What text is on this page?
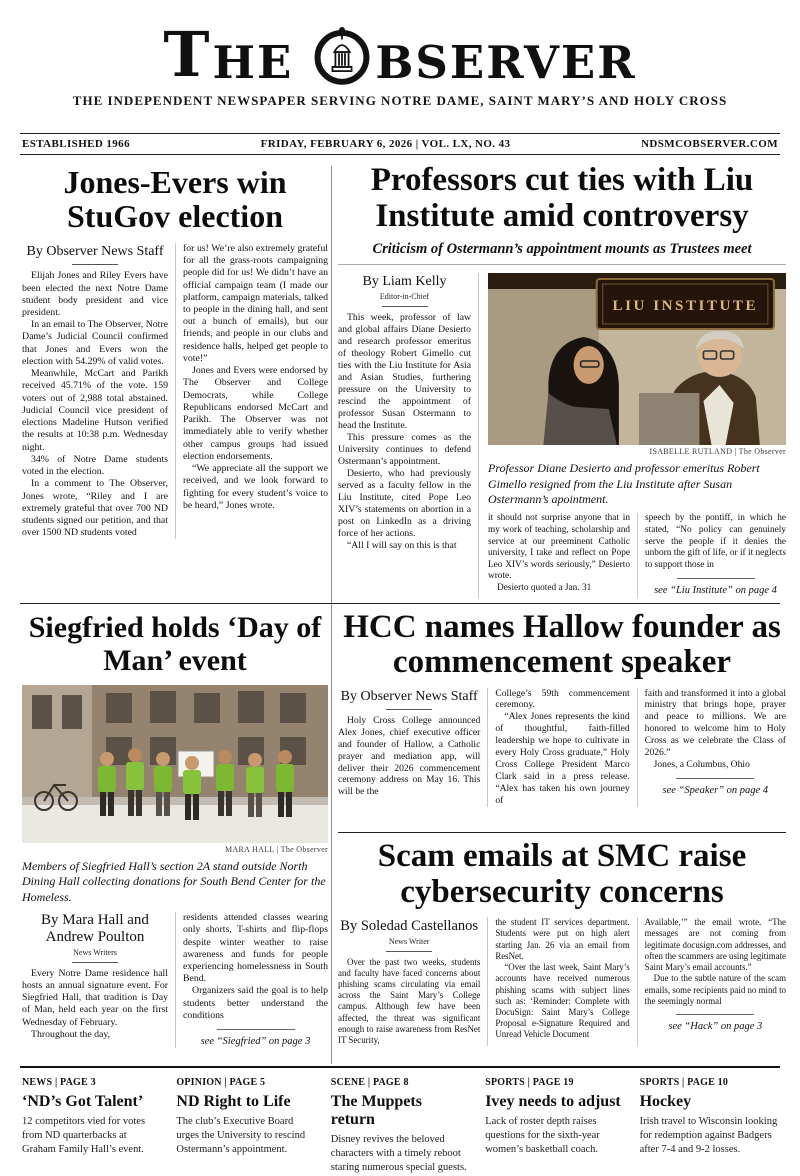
T HE BSERVER
THE INDEPENDENT NEWSPAPER SERVING NOTRE DAME, SAINT MARY’S AND HOLY CROSS
ESTABLISHED 1966	FRIDAY, FEBRUARY 6, 2026 | VOL. LX, NO. 43	NDSMCOBSERVER.COM
Jones-Evers win StuGov election
By Observer News Staff

Elijah Jones and Riley Evers have been elected the next Notre Dame student body president and vice president.

In an email to The Observer, Notre Dame’s Judicial Council confirmed that Jones and Evers won the election with 54.29% of valid votes.

Meanwhile, McCart and Parikh received 45.71% of the vote. 159 voters out of 2,988 total abstained. Judicial Council vice president of elections Madeline Hutson verified the results at 10:38 p.m. Wednesday night.

34% of Notre Dame students voted in the election.

In a comment to The Observer, Jones wrote, “Riley and I are extremely grateful that over 700 ND students signed our petition, and that over 1500 ND students voted

for us! We’re also extremely grateful for all the grass-roots campaigning people did for us! We didn’t have an official campaign team (I made our platform, campaign materials, talked to people in the dining hall, and sent out a bunch of emails), but our friends, and people in our clubs and residence halls, helped get people to vote!”

Jones and Evers were endorsed by The Observer and College Democrats, while College Republicans endorsed McCart and Parikh. The Observer was not immediately able to verify whether other campus groups had issued election endorsements.

“We appreciate all the support we received, and we look forward to fighting for every student’s voice to be heard,” Jones wrote.

Professors cut ties with Liu Institute amid controversy
Criticism of Ostermann’s appointment mounts as Trustees meet
By Liam Kelly
Editor-in-Chief

This week, professor of law and global affairs Diane Desierto and research professor emeritus of theology Robert Gimello cut ties with the Liu Institute for Asia and Asian Studies, furthering pressure on the University to rescind the appointment of professor Susan Ostermann to head the Institute.

This pressure comes as the University continues to defend Ostermann’s appointment.

Desierto, who had previously served as a faculty fellow in the Liu Institute, cited Pope Leo XIV’s statements on abortion in a post on LinkedIn as a driving force of her actions.

“All I will say on this is that

LIU INSTITUTE
ISABELLE RUTLAND | The Observer
Professor Diane Desierto and professor emeritus Robert Gimello resigned from the Liu Institute after Susan Ostermann’s apointment.

it should not surprise anyone that in my work of teaching, scholarship and service at our preeminent Catholic university, I take and reflect on Pope Leo XIV’s words seriously,” Desierto wrote.

Desierto quoted a Jan. 31

speech by the pontiff, in which he stated, “No policy can genuinely serve the people if it denies the unborn the gift of life, or if it neglects to support those in

see “Liu Institute” on page 4
Siegfried holds ‘Day of Man’ event
MARA HALL | The Observer
Members of Siegfried Hall’s section 2A stand outside North Dining Hall collecting donations for South Bend Center for the Homeless.
By Mara Hall and Andrew Poulton
News Writers

Every Notre Dame residence hall hosts an annual signature event. For Siegfried Hall, that tradition is Day of Man, held each year on the first Wednesday of February.

Throughout the day,

residents attended classes wearing only shorts, T-shirts and flip-flops despite winter weather to raise awareness and funds for people experiencing homelessness in South Bend.

Organizers said the goal is to help students better understand the conditions

see “Siegfried” on page 3
HCC names Hallow founder as commencement speaker
By Observer News Staff

Holy Cross College announced Alex Jones, chief executive officer and founder of Hallow, a Catholic prayer and mediation app, will deliver their 2026 commencement ceremony address on May 16. This will be the

College’s 59th commencement ceremony.

“Alex Jones represents the kind of thoughtful, faith-filled leadership we hope to cultivate in every Holy Cross graduate,” Holy Cross College President Marco Clark said in a press release. “Alex has taken his own journey of

faith and transformed it into a global ministry that brings hope, prayer and peace to millions. We are honored to welcome him to Holy Cross as we celebrate the Class of 2026.”

Jones, a Columbus, Ohio

see “Speaker” on page 4
Scam emails at SMC raise cybersecurity concerns
By Soledad Castellanos
News Writer

Over the past two weeks, students and faculty have faced concerns about phishing scams circulating via email across the Saint Mary’s College campus. Although few have been affected, the threat was significant enough to raise awareness from ResNet IT Security,

the student IT services department. Students were put on high alert starting Jan. 26 via an email from ResNet.

“Over the last week, Saint Mary’s accounts have received numerous phishing scams with subject lines such as: ‘Reminder: Complete with DocuSign: Saint Mary’s College Proposal e-Signature Required and Unread Vehicle Document

Available,’” the email wrote. “The messages are not coming from legitimate docusign.com addresses, and often the scammers are using legitimate Saint Mary’s email accounts.”

Due to the subtle nature of the scam emails, some recipients paid no mind to the seemingly normal

see “Hack” on page 3
NEWS | PAGE 3
‘ND’s Got Talent’
12 competitors vied for votes from ND quarterbacks at Graham Family Hall’s event.
OPINION | PAGE 5
ND Right to Life
The club’s Executive Board urges the University to rescind Ostermann’s appointment.
SCENE | PAGE 8
The Muppets return
Disney revives the beloved characters with a timely reboot staring numerous special guests.
SPORTS | PAGE 19
Ivey needs to adjust
Lack of roster depth raises questions for the sixth-year women’s basketball coach.
SPORTS | PAGE 10
Hockey
Irish travel to Wisconsin looking for redemption against Badgers after 7-4 and 9-2 losses.
